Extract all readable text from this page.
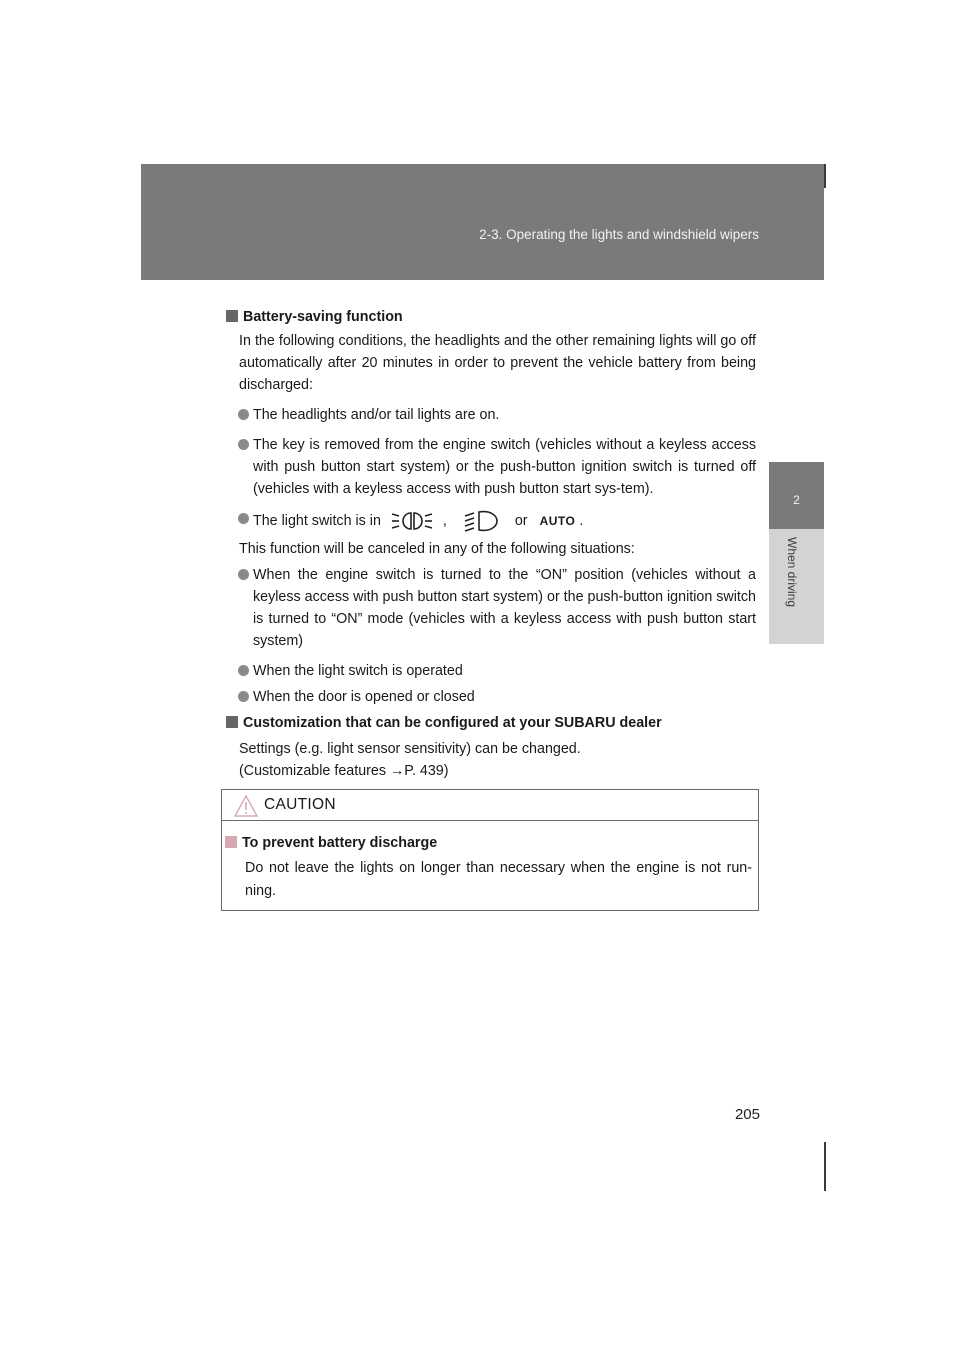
2-3. Operating the lights and windshield wipers
2
When driving

Battery-saving function

In the following conditions, the headlights and the other remaining lights will go off automatically after 20 minutes in order to prevent the vehicle battery from being discharged:

The headlights and/or tail lights are on.
The key is removed from the engine switch (vehicles without a keyless access with push button start system) or the push-button ignition switch is turned off (vehicles with a keyless access with push button start sys-tem).
The light switch is in	,	or AUTO .

This function will be canceled in any of the following situations:

When the engine switch is turned to the “ON” position (vehicles without a keyless access with push button start system) or the push-button ignition switch is turned to “ON” mode (vehicles with a keyless access with push button start system)
When the light switch is operated
When the door is opened or closed

Customization that can be configured at your SUBARU dealer

Settings (e.g. light sensor sensitivity) can be changed.

(Customizable features →P. 439)

CAUTION

To prevent battery discharge

Do not leave the lights on longer than necessary when the engine is not run-ning.

205
